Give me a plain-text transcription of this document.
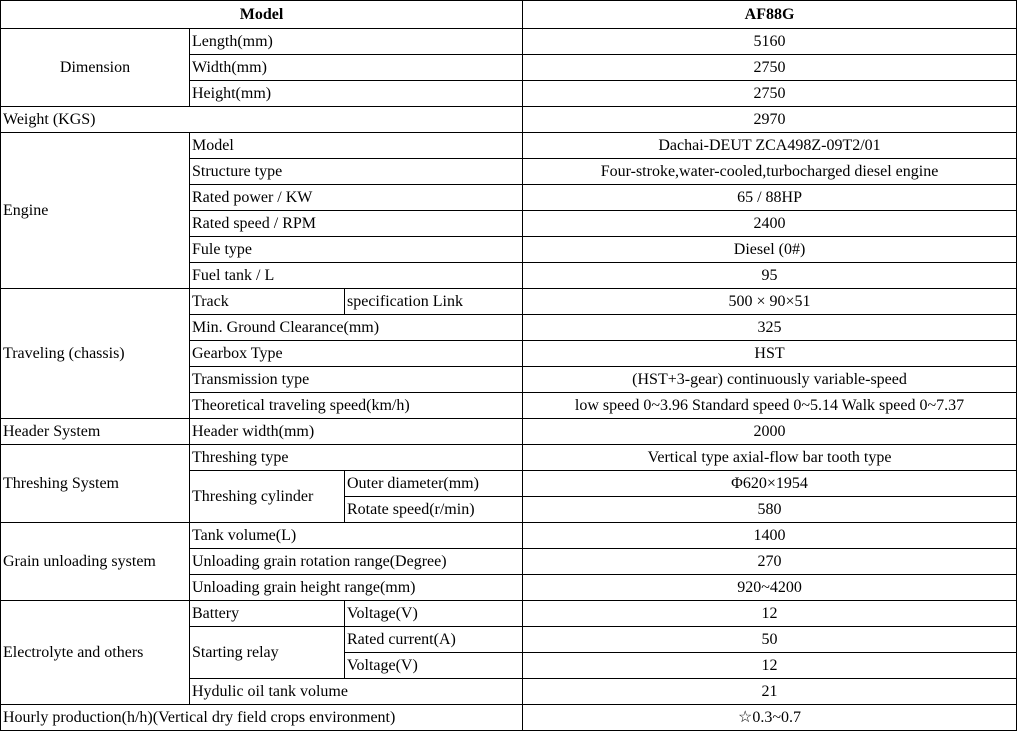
Model			AF88G
Dimension	Length(mm)		5160
	Width(mm)		2750
	Height(mm)		2750
Weight (KGS)			2970
Engine	Model		Dachai-DEUT ZCA498Z-09T2/01
	Structure type		Four-stroke,water-cooled,turbocharged diesel engine
	Rated power / KW		65 / 88HP
	Rated speed / RPM		2400
	Fule type		Diesel (0#)
	Fuel tank / L		95
Traveling (chassis)	Track	specification Link	500 × 90×51
	Min. Ground Clearance(mm)		325
	Gearbox Type		HST
	Transmission type		(HST+3-gear) continuously variable-speed
	Theoretical traveling speed(km/h)		low speed 0~3.96 Standard speed 0~5.14 Walk speed 0~7.37
Header System	Header width(mm)		2000
Threshing System	Threshing type		Vertical type axial-flow bar tooth type
	Threshing cylinder	Outer diameter(mm)	Φ620×1954
		Rotate speed(r/min)	580
Grain unloading system	Tank volume(L)		1400
	Unloading grain rotation range(Degree)		270
	Unloading grain height range(mm)		920~4200
Electrolyte and others	Battery	Voltage(V)	12
	Starting relay	Rated current(A)	50
		Voltage(V)	12
	Hydulic oil tank volume		21
Hourly production(h/h)(Vertical dry field crops environment)			☆0.3~0.7
